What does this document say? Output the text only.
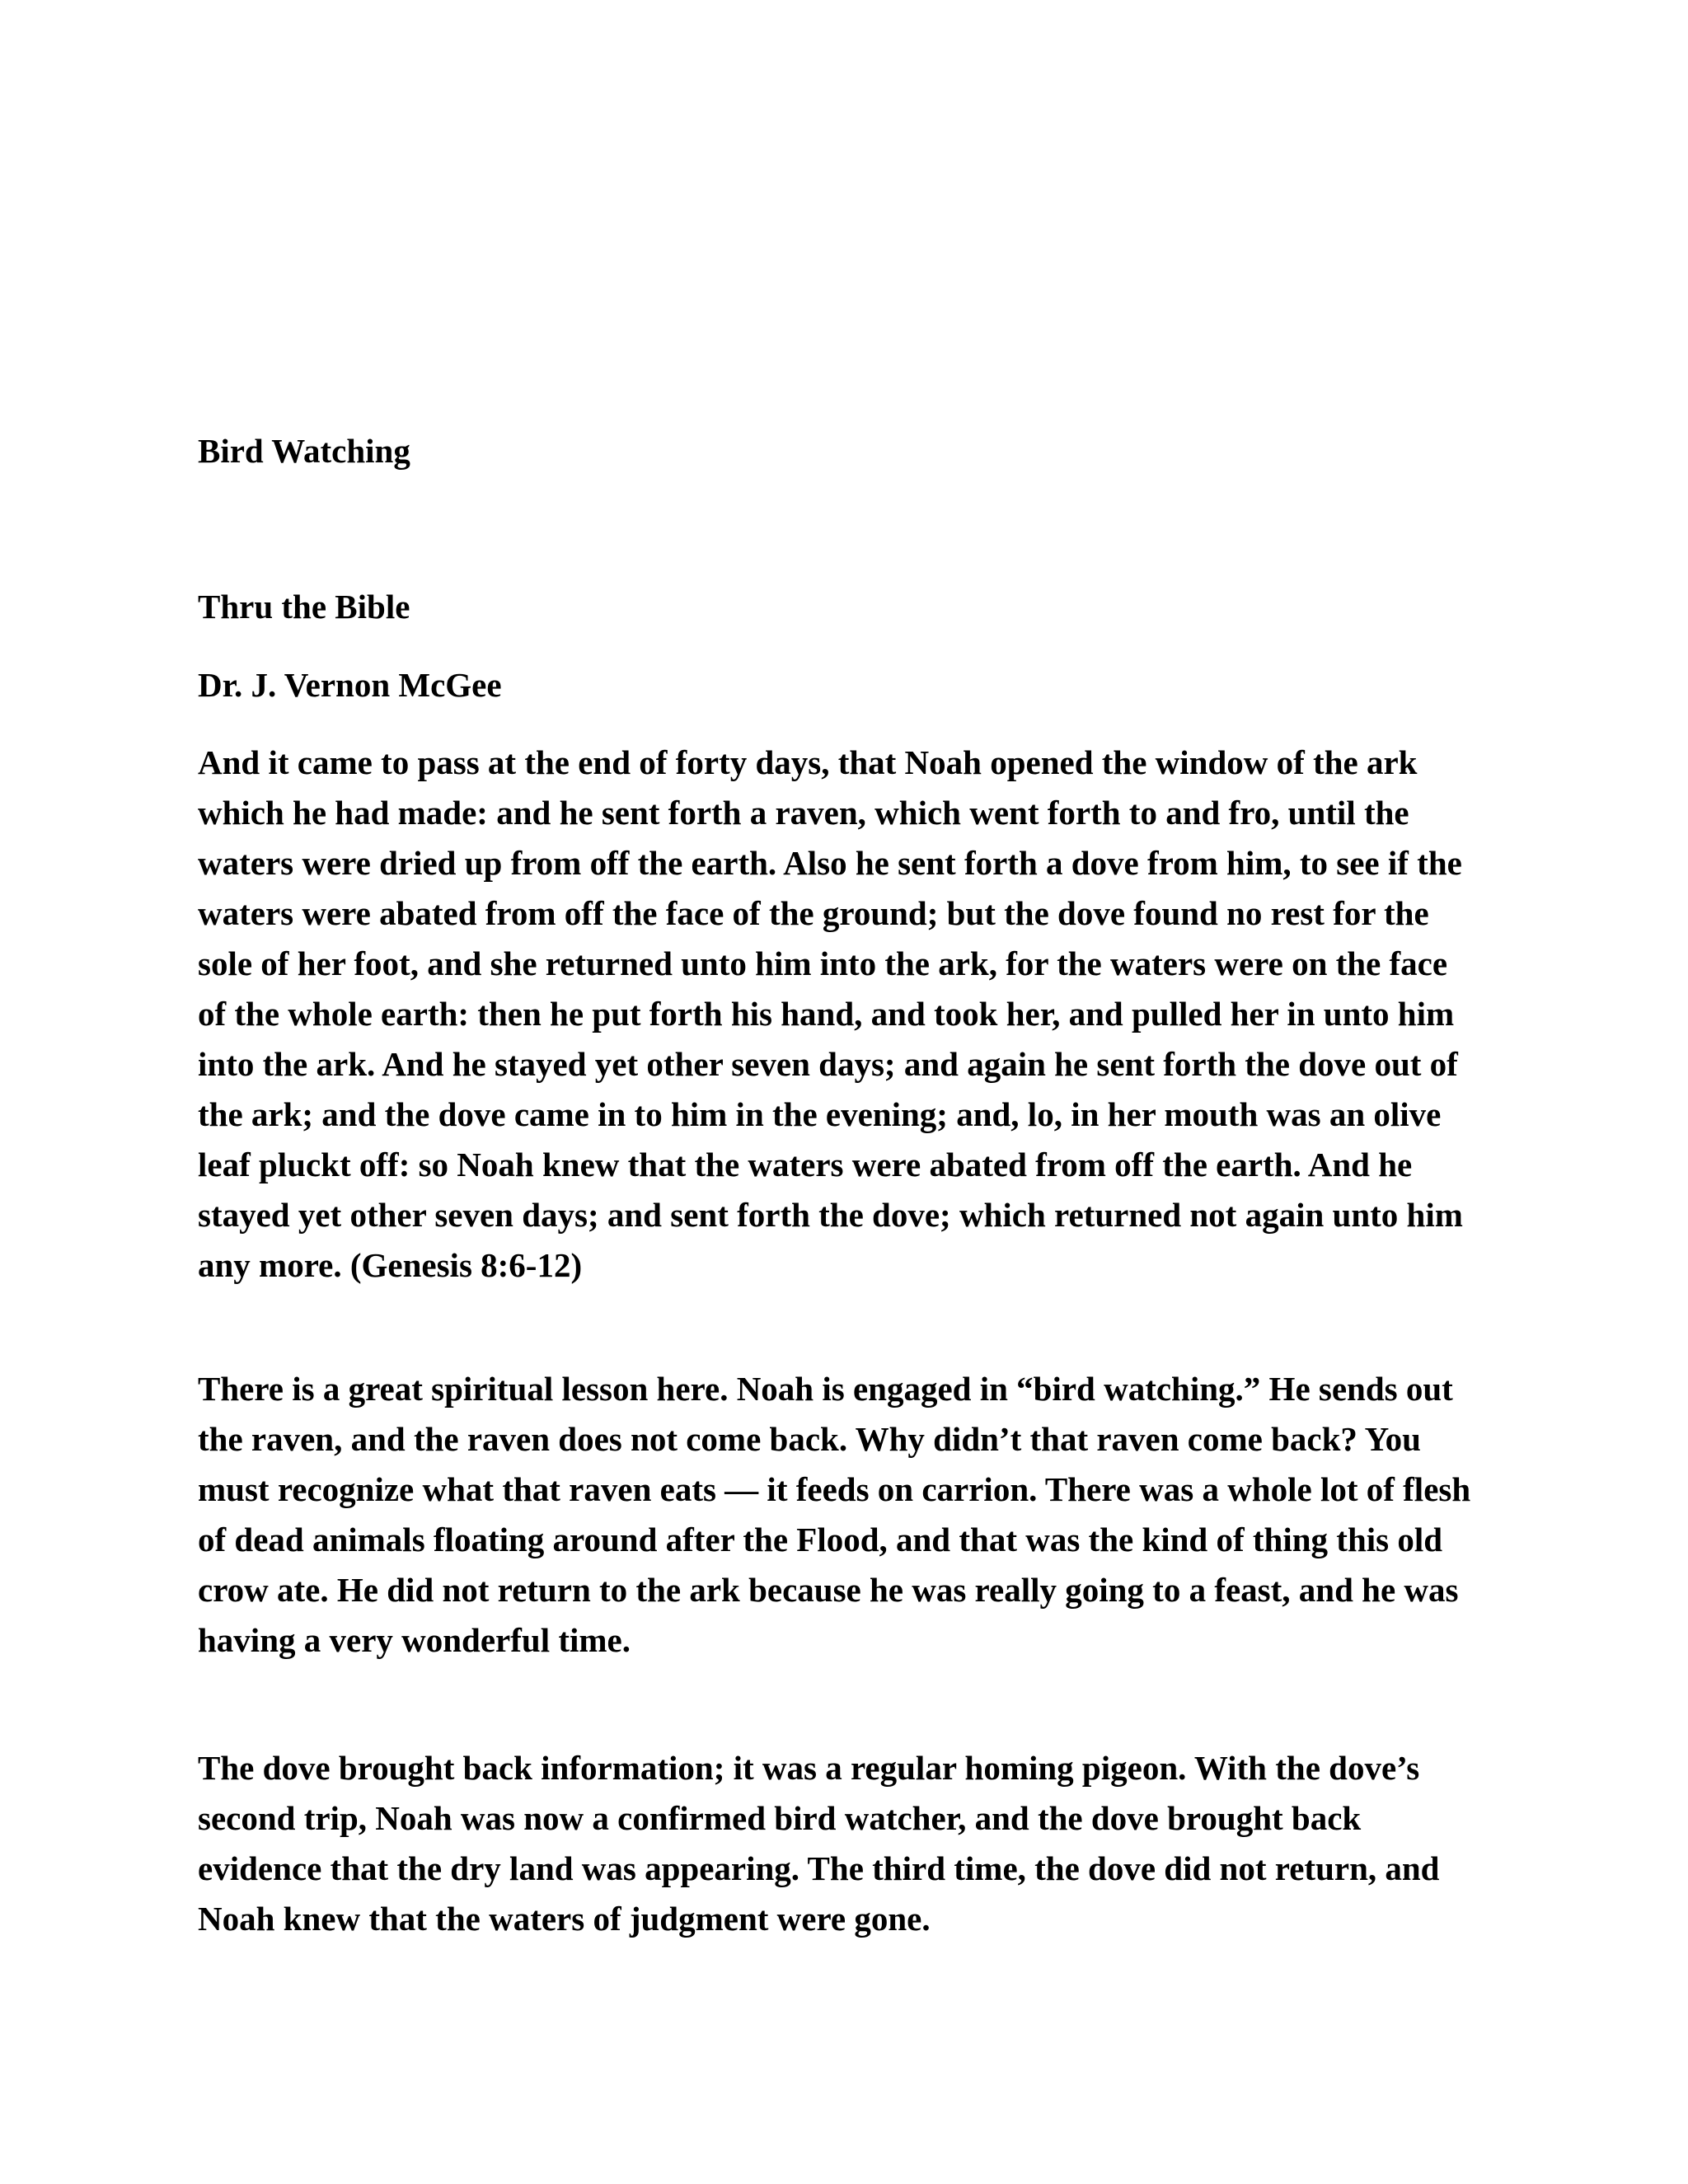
Bird Watching

Thru the Bible

Dr. J. Vernon McGee

And it came to pass at the end of forty days, that Noah opened the window of the ark which he had made: and he sent forth a raven, which went forth to and fro, until the waters were dried up from off the earth. Also he sent forth a dove from him, to see if the waters were abated from off the face of the ground; but the dove found no rest for the sole of her foot, and she returned unto him into the ark, for the waters were on the face of the whole earth: then he put forth his hand, and took her, and pulled her in unto him into the ark. And he stayed yet other seven days; and again he sent forth the dove out of the ark; and the dove came in to him in the evening; and, lo, in her mouth was an olive leaf pluckt off: so Noah knew that the waters were abated from off the earth. And he stayed yet other seven days; and sent forth the dove; which returned not again unto him any more. (Genesis 8:6-12)

There is a great spiritual lesson here. Noah is engaged in “bird watching.” He sends out the raven, and the raven does not come back. Why didn’t that raven come back? You must recognize what that raven eats — it feeds on carrion. There was a whole lot of flesh of dead animals floating around after the Flood, and that was the kind of thing this old crow ate. He did not return to the ark because he was really going to a feast, and he was having a very wonderful time.

The dove brought back information; it was a regular homing pigeon. With the dove’s second trip, Noah was now a confirmed bird watcher, and the dove brought back evidence that the dry land was appearing. The third time, the dove did not return, and Noah knew that the waters of judgment were gone.
